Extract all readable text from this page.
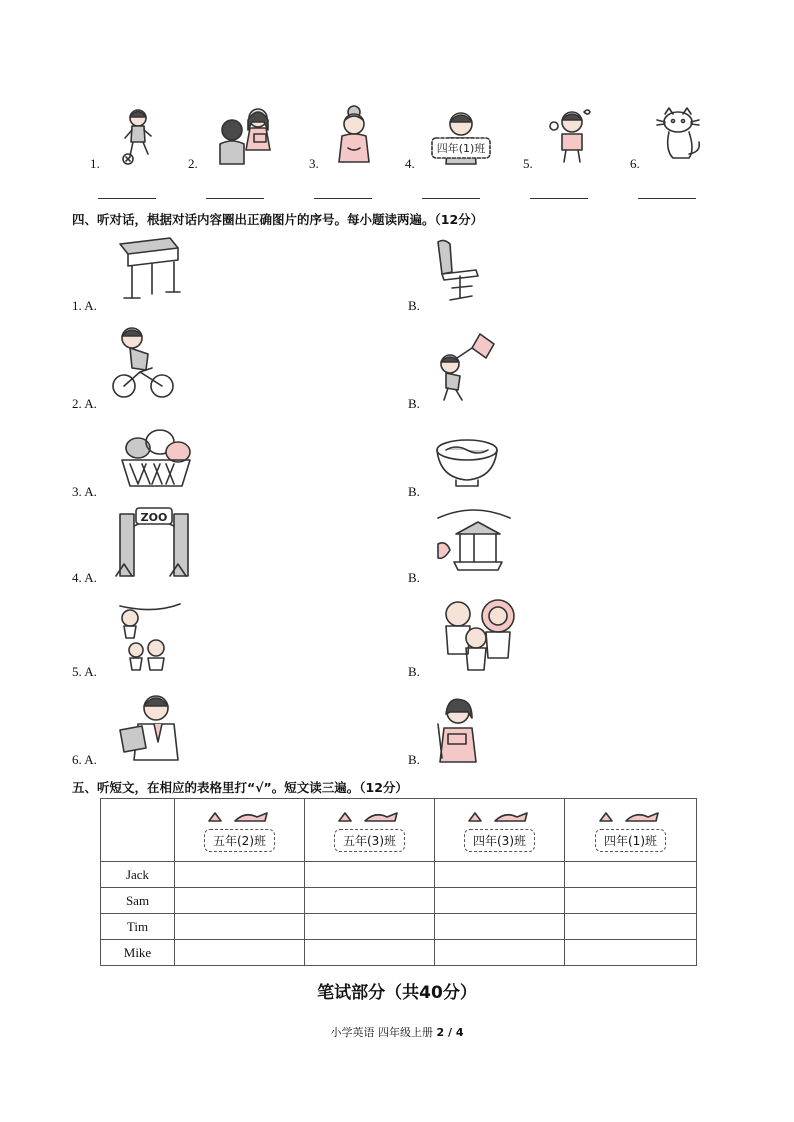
1.	2.	3.	4.
四年(1)班
5.	6.
四、听对话，根据对话内容圈出正确图片的序号。每小题读两遍。（12分）
1. A.	B.
2. A.	B.
3. A.	B.
4. A.
ZOO
B.
5. A.	B.
6. A.	B.
五、听短文，在相应的表格里打“√”。短文读三遍。（12分）

五年(2)班	五年(3)班	四年(3)班	四年(1)班
Jack				
Sam				
Tim				
Mike				
笔试部分（共40分）
小学英语 四年级上册 2 / 4
